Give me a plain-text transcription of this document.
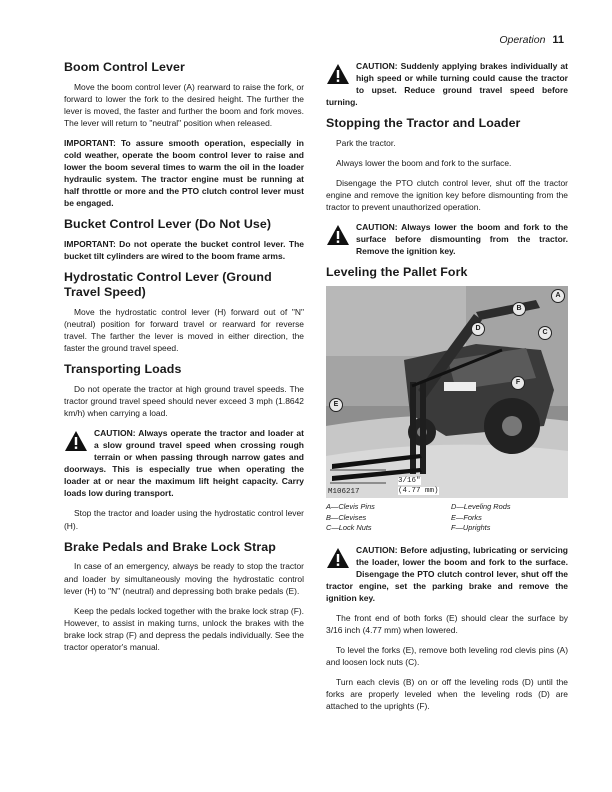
Operation 11
Boom Control Lever

Move the boom control lever (A) rearward to raise the fork, or forward to lower the fork to the desired height. The further the lever is moved, the faster and further the boom and fork moves. The lever will return to "neutral" position when released.

IMPORTANT: To assure smooth operation, especially in cold weather, operate the boom control lever to raise and lower the boom several times to warm the oil in the loader hydraulic system. The tractor engine must be running at half throttle or more and the PTO clutch control lever must be engaged.

Bucket Control Lever (Do Not Use)

IMPORTANT: Do not operate the bucket control lever. The bucket tilt cylinders are wired to the boom frame arms.

Hydrostatic Control Lever (Ground Travel Speed)

Move the hydrostatic control lever (H) forward out of "N" (neutral) position for forward travel or rearward for reverse travel. The farther the lever is moved in either direction, the faster the ground travel speed.

Transporting Loads

Do not operate the tractor at high ground travel speeds. The tractor ground travel speed should never exceed 3 mph (1.8642 km/h) when carrying a load.

CAUTION: Always operate the tractor and loader at a slow ground travel speed when crossing rough terrain or when passing through narrow gates and doorways. This is especially true when operating the loader at or near the maximum lift height capacity. Carry loads low during transport.

Stop the tractor and loader using the hydrostatic control lever (H).

Brake Pedals and Brake Lock Strap

In case of an emergency, always be ready to stop the tractor and loader by simultaneously moving the hydrostatic control lever (H) to "N" (neutral) and depressing both brake pedals (E).

Keep the pedals locked together with the brake lock strap (F). However, to assist in making turns, unlock the brakes with the brake lock strap (F) and depress the pedals individually. See the tractor operator's manual.

CAUTION: Suddenly applying brakes individually at high speed or while turning could cause the tractor to upset. Reduce ground travel speed before turning.
Stopping the Tractor and Loader

Park the tractor.

Always lower the boom and fork to the surface.

Disengage the PTO clutch control lever, shut off the tractor engine and remove the ignition key before dismounting from the tractor to prevent unauthorized operation.

CAUTION: Always lower the boom and fork to the surface before dismounting from the tractor. Remove the ignition key.
Leveling the Pallet Fork
A
B
C
D
E
F
3/16"
(4.77 mm)
M106217
A—Clevis Pins	D—Leveling Rods
B—Clevises	E—Forks
C—Lock Nuts	F—Uprights
CAUTION: Before adjusting, lubricating or servicing the loader, lower the boom and fork to the surface. Disengage the PTO clutch control lever, shut off the tractor engine, set the parking brake and remove the ignition key.

The front end of both forks (E) should clear the surface by 3/16 inch (4.77 mm) when lowered.

To level the forks (E), remove both leveling rod clevis pins (A) and loosen lock nuts (C).

Turn each clevis (B) on or off the leveling rods (D) until the forks are properly leveled when the leveling rods (D) are attached to the uprights (F).
